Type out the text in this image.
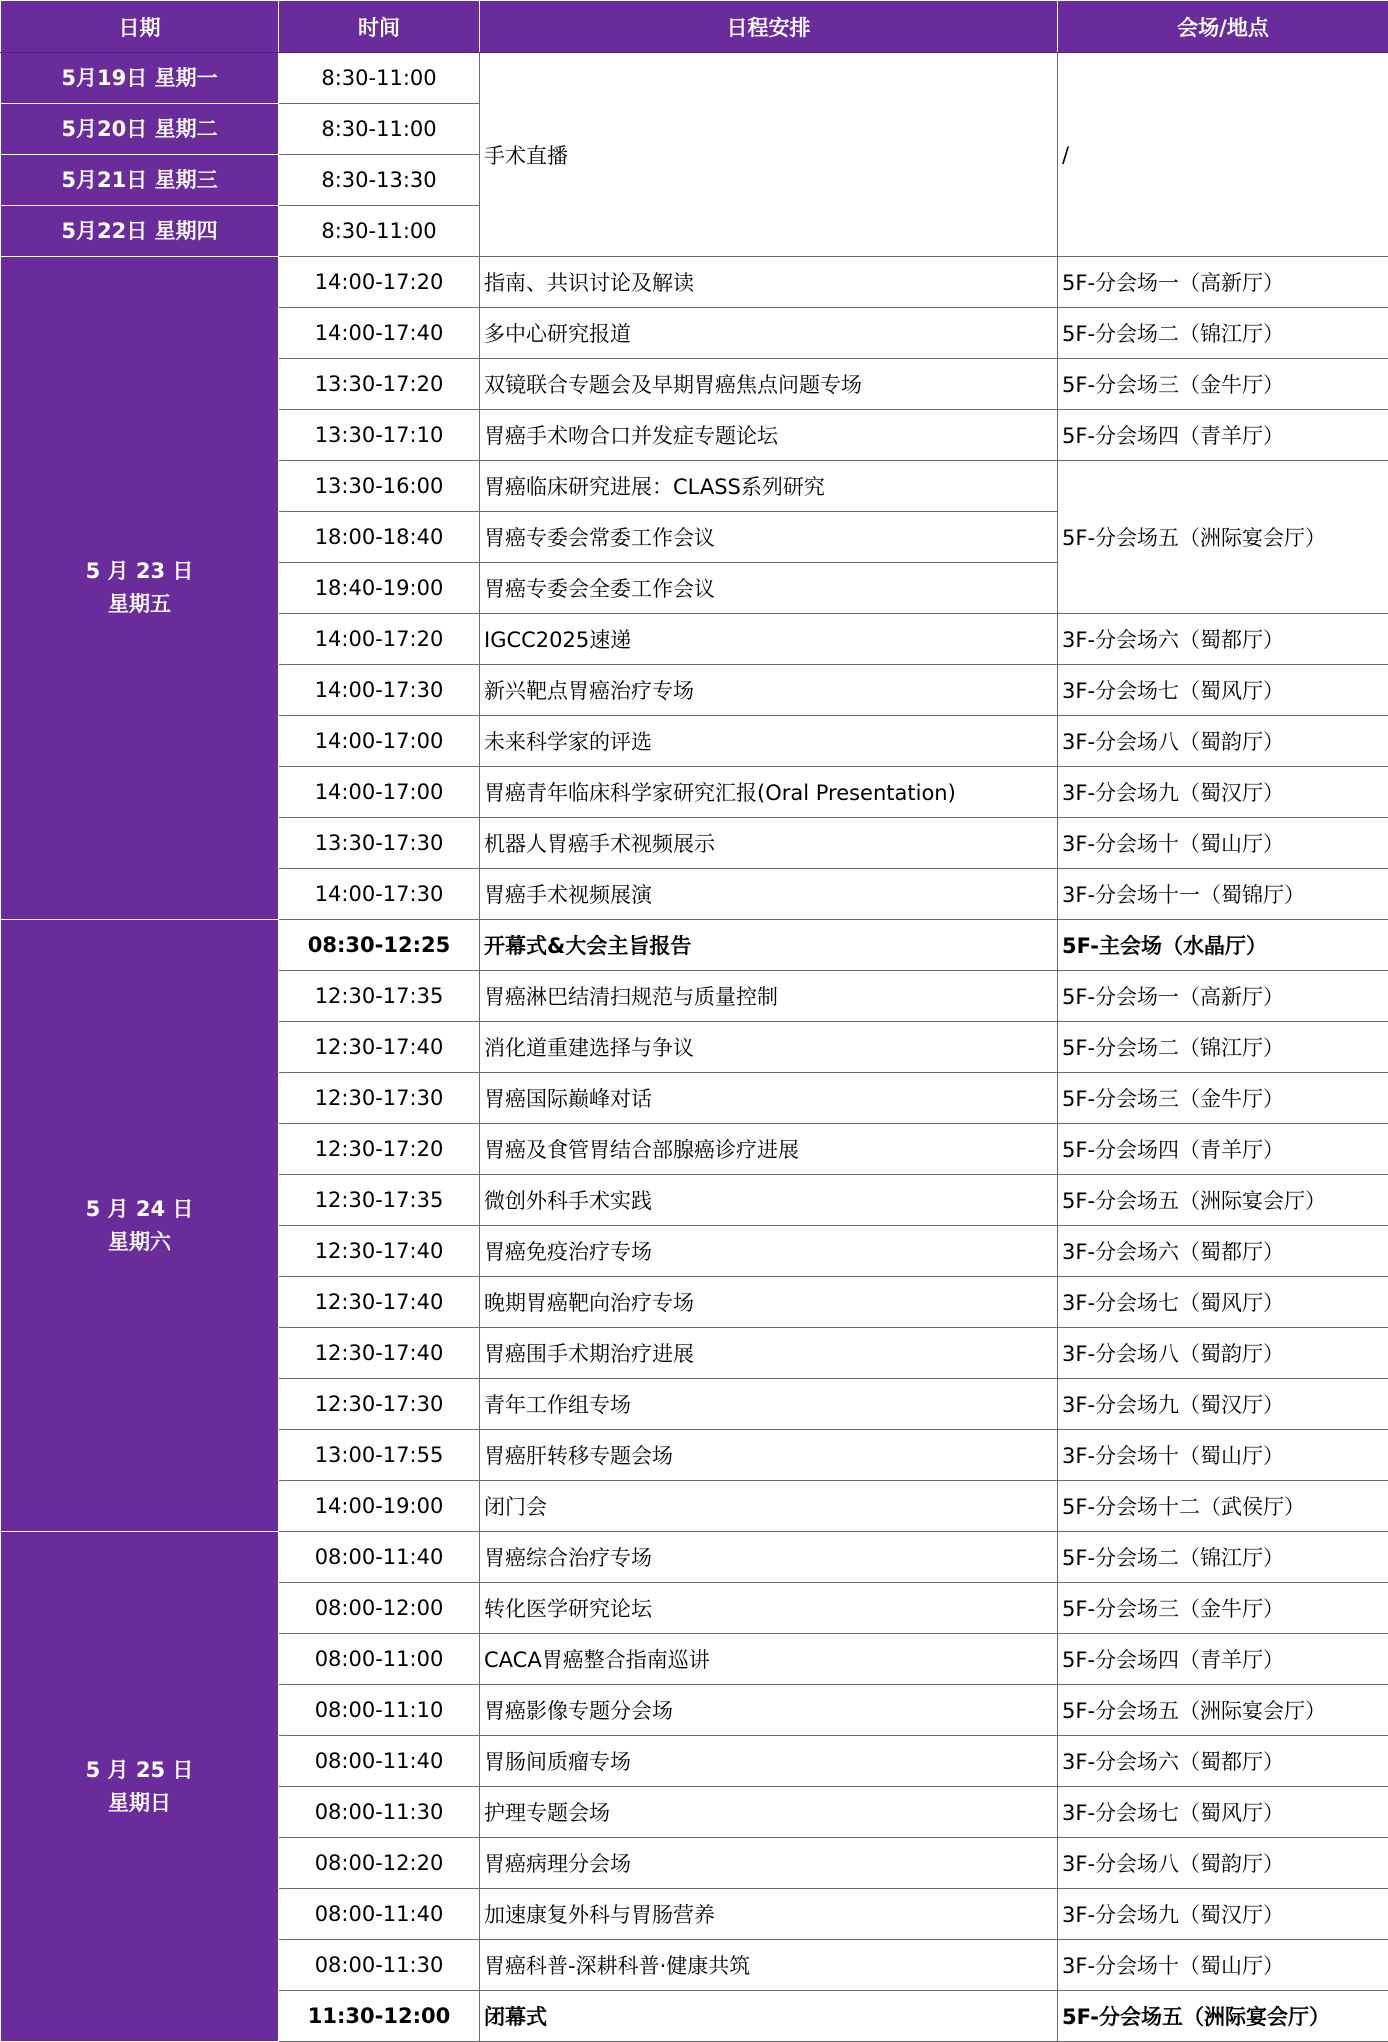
日期	时间	日程安排	会场/地点
5月19日 星期一	8:30-11:00	手术直播	/
5月20日 星期二	8:30-11:00		
5月21日 星期三	8:30-13:30		
5月22日 星期四	8:30-11:00		

5 月 23 日
星期五	14:00-17:20	指南、共识讨论及解读	5F-分会场一（高新厅）
	14:00-17:40	多中心研究报道	5F-分会场二（锦江厅）
	13:30-17:20	双镜联合专题会及早期胃癌焦点问题专场	5F-分会场三（金牛厅）
	13:30-17:10	胃癌手术吻合口并发症专题论坛	5F-分会场四（青羊厅）
	13:30-16:00	胃癌临床研究进展：CLASS系列研究	5F-分会场五（洲际宴会厅）
	18:00-18:40	胃癌专委会常委工作会议	
	18:40-19:00	胃癌专委会全委工作会议	
	14:00-17:20	IGCC2025速递	3F-分会场六（蜀都厅）
	14:00-17:30	新兴靶点胃癌治疗专场	3F-分会场七（蜀风厅）
	14:00-17:00	未来科学家的评选	3F-分会场八（蜀韵厅）
	14:00-17:00	胃癌青年临床科学家研究汇报(Oral Presentation)	3F-分会场九（蜀汉厅）
	13:30-17:30	机器人胃癌手术视频展示	3F-分会场十（蜀山厅）
	14:00-17:30	胃癌手术视频展演	3F-分会场十一（蜀锦厅）

5 月 24 日
星期六	08:30-12:25	开幕式&大会主旨报告	5F-主会场（水晶厅）
	12:30-17:35	胃癌淋巴结清扫规范与质量控制	5F-分会场一（高新厅）
	12:30-17:40	消化道重建选择与争议	5F-分会场二（锦江厅）
	12:30-17:30	胃癌国际巅峰对话	5F-分会场三（金牛厅）
	12:30-17:20	胃癌及食管胃结合部腺癌诊疗进展	5F-分会场四（青羊厅）
	12:30-17:35	微创外科手术实践	5F-分会场五（洲际宴会厅）
	12:30-17:40	胃癌免疫治疗专场	3F-分会场六（蜀都厅）
	12:30-17:40	晚期胃癌靶向治疗专场	3F-分会场七（蜀风厅）
	12:30-17:40	胃癌围手术期治疗进展	3F-分会场八（蜀韵厅）
	12:30-17:30	青年工作组专场	3F-分会场九（蜀汉厅）
	13:00-17:55	胃癌肝转移专题会场	3F-分会场十（蜀山厅）
	14:00-19:00	闭门会	5F-分会场十二（武侯厅）

5 月 25 日
星期日	08:00-11:40	胃癌综合治疗专场	5F-分会场二（锦江厅）
	08:00-12:00	转化医学研究论坛	5F-分会场三（金牛厅）
	08:00-11:00	CACA胃癌整合指南巡讲	5F-分会场四（青羊厅）
	08:00-11:10	胃癌影像专题分会场	5F-分会场五（洲际宴会厅）
	08:00-11:40	胃肠间质瘤专场	3F-分会场六（蜀都厅）
	08:00-11:30	护理专题会场	3F-分会场七（蜀风厅）
	08:00-12:20	胃癌病理分会场	3F-分会场八（蜀韵厅）
	08:00-11:40	加速康复外科与胃肠营养	3F-分会场九（蜀汉厅）
	08:00-11:30	胃癌科普-深耕科普·健康共筑	3F-分会场十（蜀山厅）
	11:30-12:00	闭幕式	5F-分会场五（洲际宴会厅）
